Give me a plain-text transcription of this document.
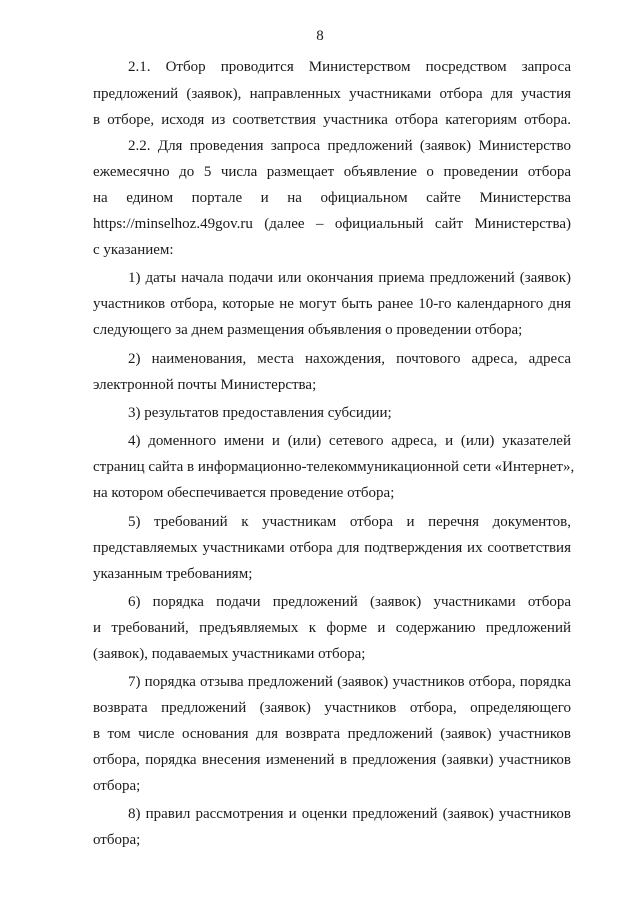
8
2.1. Отбор проводится Министерством посредством запроса
предложений (заявок), направленных участниками отбора для участия
в отборе, исходя из соответствия участника отбора категориям отбора.
2.2. Для проведения запроса предложений (заявок) Министерство
ежемесячно до 5 числа размещает объявление о проведении отбора
на едином портале и на официальном сайте Министерства
https://minselhoz.49gov.ru (далее – официальный сайт Министерства)
с указанием:
1) даты начала подачи или окончания приема предложений (заявок)
участников отбора, которые не могут быть ранее 10-го календарного дня
следующего за днем размещения объявления о проведении отбора;
2) наименования, места нахождения, почтового адреса, адреса
электронной почты Министерства;
3) результатов предоставления субсидии;
4) доменного имени и (или) сетевого адреса, и (или) указателей
страниц сайта в информационно-телекоммуникационной сети «Интернет»,
на котором обеспечивается проведение отбора;
5) требований к участникам отбора и перечня документов,
представляемых участниками отбора для подтверждения их соответствия
указанным требованиям;
6) порядка подачи предложений (заявок) участниками отбора
и требований, предъявляемых к форме и содержанию предложений
(заявок), подаваемых участниками отбора;
7) порядка отзыва предложений (заявок) участников отбора, порядка
возврата предложений (заявок) участников отбора, определяющего
в том числе основания для возврата предложений (заявок) участников
отбора, порядка внесения изменений в предложения (заявки) участников
отбора;
8) правил рассмотрения и оценки предложений (заявок) участников
отбора;
